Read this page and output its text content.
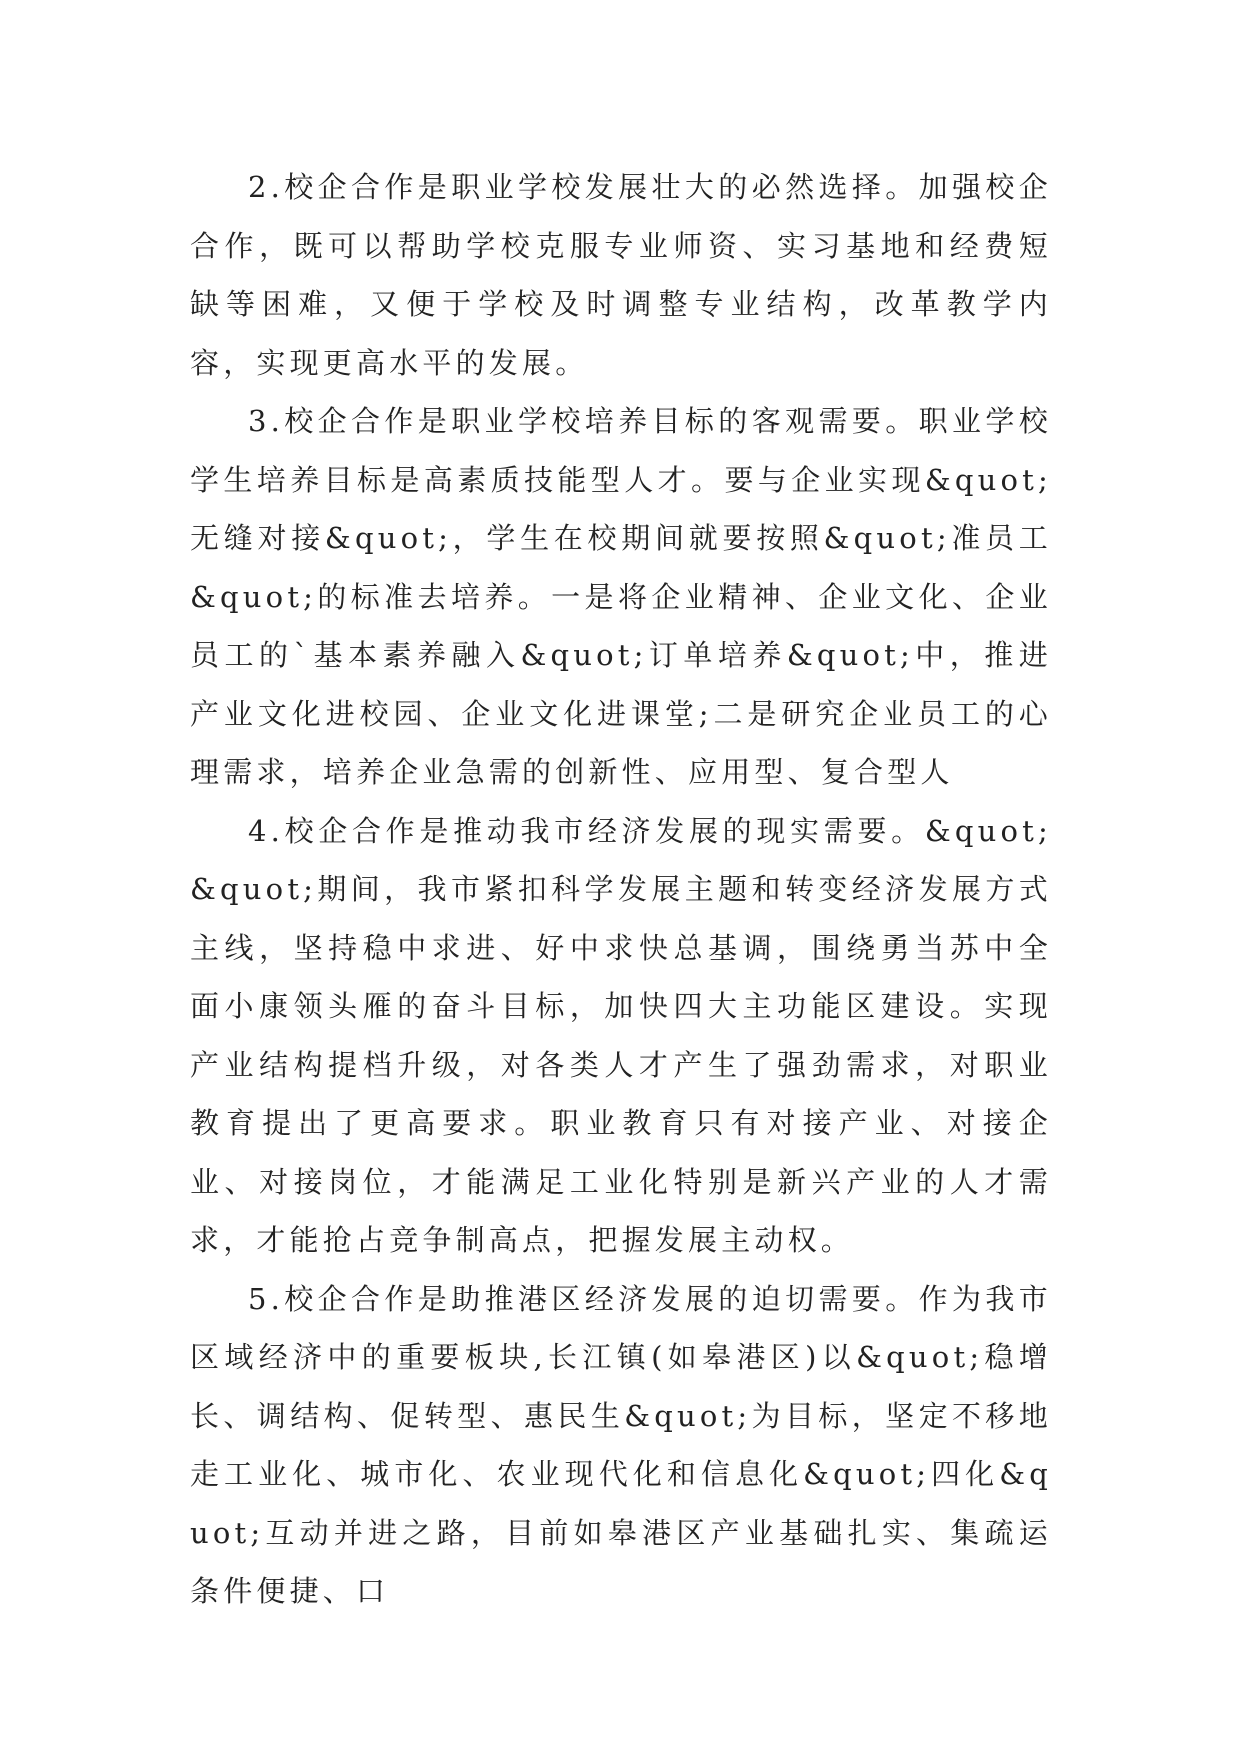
2.校企合作是职业学校发展壮大的必然选择。加强校企合作，既可以帮助学校克服专业师资、实习基地和经费短缺等困难，又便于学校及时调整专业结构，改革教学内容，实现更高水平的发展。

3.校企合作是职业学校培养目标的客观需要。职业学校学生培养目标是高素质技能型人才。要与企业实现&quot;无缝对接&quot;，学生在校期间就要按照&quot;准员工&quot;的标准去培养。一是将企业精神、企业文化、企业员工的`基本素养融入&quot;订单培养&quot;中，推进产业文化进校园、企业文化进课堂;二是研究企业员工的心理需求，培养企业急需的创新性、应用型、复合型人

4.校企合作是推动我市经济发展的现实需要。&quot;&quot;期间，我市紧扣科学发展主题和转变经济发展方式主线，坚持稳中求进、好中求快总基调，围绕勇当苏中全面小康领头雁的奋斗目标，加快四大主功能区建设。实现产业结构提档升级，对各类人才产生了强劲需求，对职业教育提出了更高要求。职业教育只有对接产业、对接企业、对接岗位，才能满足工业化特别是新兴产业的人才需求，才能抢占竞争制高点，把握发展主动权。

5.校企合作是助推港区经济发展的迫切需要。作为我市区域经济中的重要板块,长江镇(如皋港区)以&quot;稳增长、调结构、促转型、惠民生&quot;为目标，坚定不移地走工业化、城市化、农业现代化和信息化&quot;四化&quot;互动并进之路，目前如皋港区产业基础扎实、集疏运条件便捷、口
